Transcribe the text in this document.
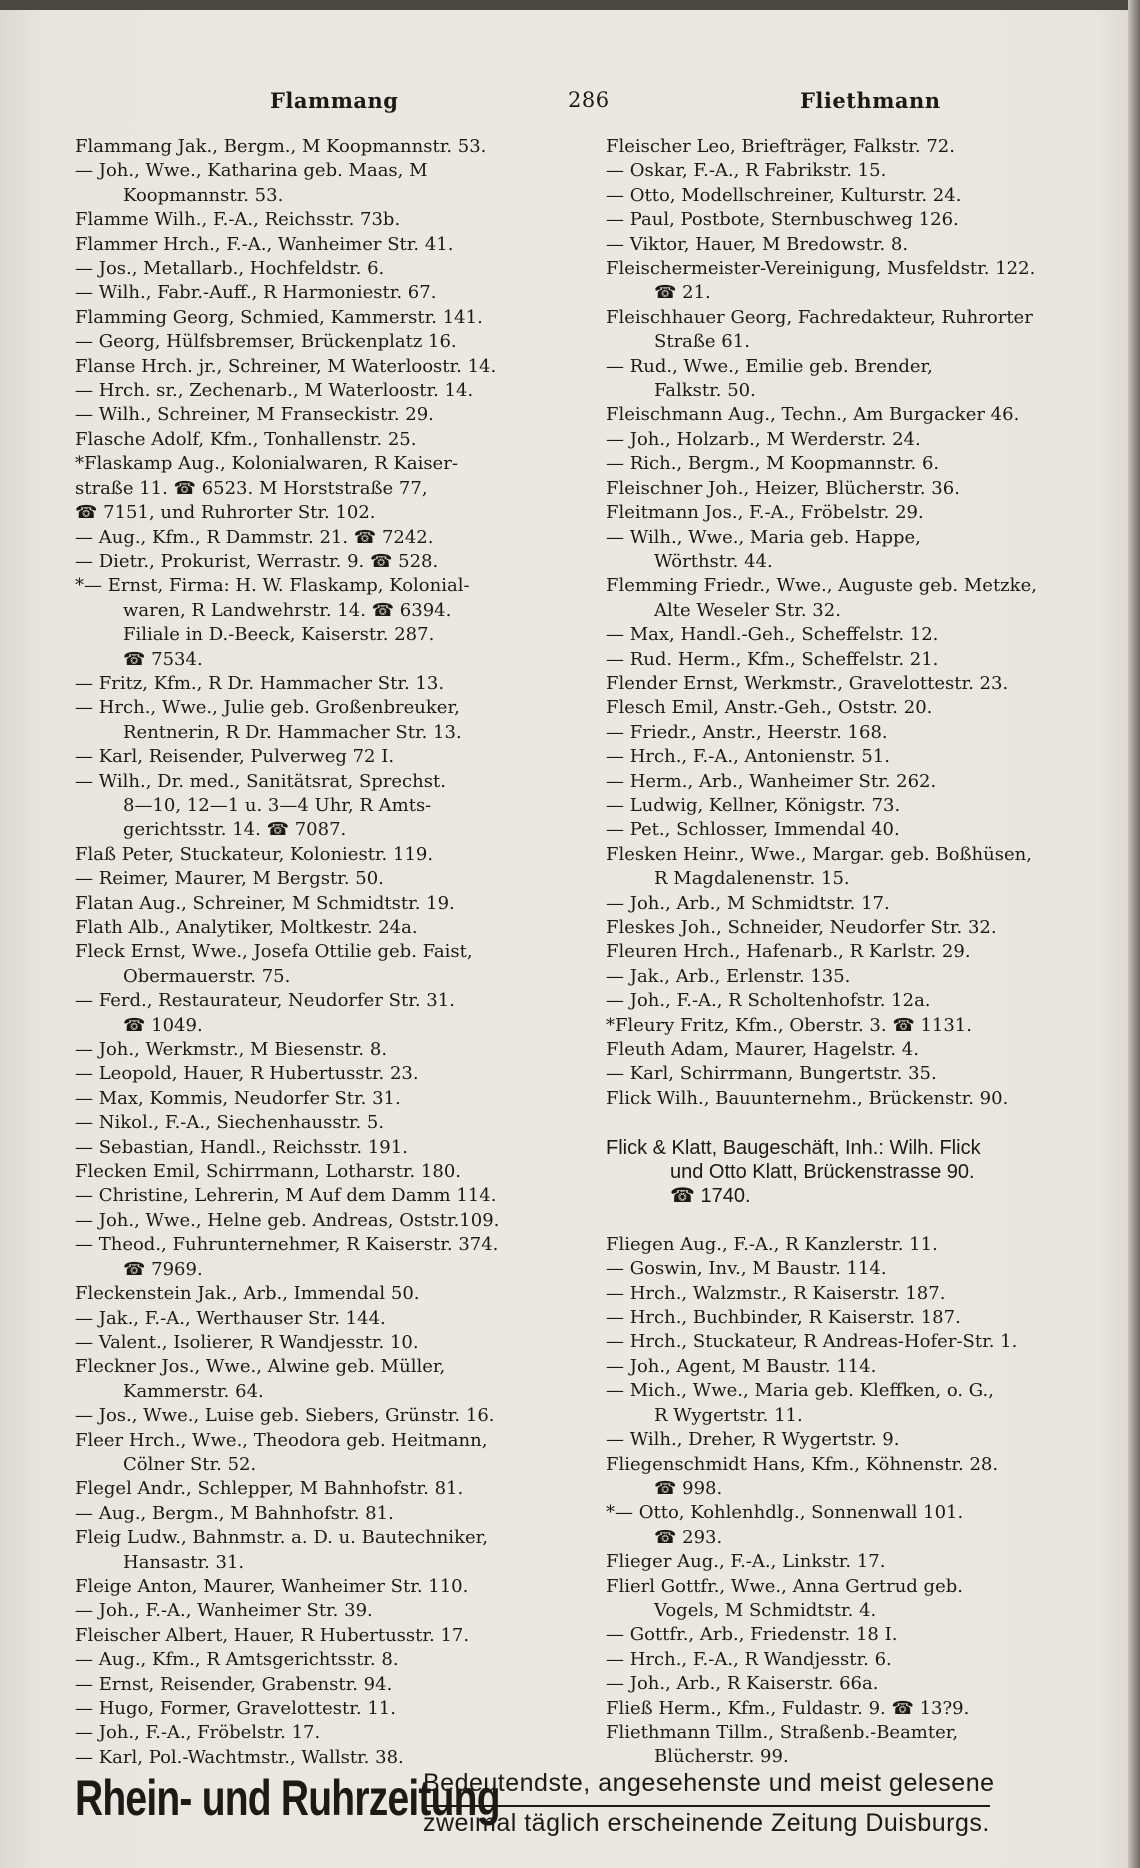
Flammang	286	Fliethmann
Flammang Jak., Bergm., M Koopmannstr. 53.
— Joh., Wwe., Katharina geb. Maas, M
Koopmannstr. 53.
Flamme Wilh., F.-A., Reichsstr. 73b.
Flammer Hrch., F.-A., Wanheimer Str. 41.
— Jos., Metallarb., Hochfeldstr. 6.
— Wilh., Fabr.-Auff., R Harmoniestr. 67.
Flamming Georg, Schmied, Kammerstr. 141.
— Georg, Hülfsbremser, Brückenplatz 16.
Flanse Hrch. jr., Schreiner, M Waterloostr. 14.
— Hrch. sr., Zechenarb., M Waterloostr. 14.
— Wilh., Schreiner, M Franseckistr. 29.
Flasche Adolf, Kfm., Tonhallenstr. 25.
*Flaskamp Aug., Kolonialwaren, R Kaiser-
straße 11. ☎ 6523. M Horststraße 77,
☎ 7151, und Ruhrorter Str. 102.
— Aug., Kfm., R Dammstr. 21. ☎ 7242.
— Dietr., Prokurist, Werrastr. 9. ☎ 528.
*— Ernst, Firma: H. W. Flaskamp, Kolonial-
waren, R Landwehrstr. 14. ☎ 6394.
Filiale in D.-Beeck, Kaiserstr. 287.
☎ 7534.
— Fritz, Kfm., R Dr. Hammacher Str. 13.
— Hrch., Wwe., Julie geb. Großenbreuker,
Rentnerin, R Dr. Hammacher Str. 13.
— Karl, Reisender, Pulverweg 72 I.
— Wilh., Dr. med., Sanitätsrat, Sprechst.
8—10, 12—1 u. 3—4 Uhr, R Amts-
gerichtsstr. 14. ☎ 7087.
Flaß Peter, Stuckateur, Koloniestr. 119.
— Reimer, Maurer, M Bergstr. 50.
Flatan Aug., Schreiner, M Schmidtstr. 19.
Flath Alb., Analytiker, Moltkestr. 24a.
Fleck Ernst, Wwe., Josefa Ottilie geb. Faist,
Obermauerstr. 75.
— Ferd., Restaurateur, Neudorfer Str. 31.
☎ 1049.
— Joh., Werkmstr., M Biesenstr. 8.
— Leopold, Hauer, R Hubertusstr. 23.
— Max, Kommis, Neudorfer Str. 31.
— Nikol., F.-A., Siechenhausstr. 5.
— Sebastian, Handl., Reichsstr. 191.
Flecken Emil, Schirrmann, Lotharstr. 180.
— Christine, Lehrerin, M Auf dem Damm 114.
— Joh., Wwe., Helne geb. Andreas, Oststr.109.
— Theod., Fuhrunternehmer, R Kaiserstr. 374.
☎ 7969.
Fleckenstein Jak., Arb., Immendal 50.
— Jak., F.-A., Werthauser Str. 144.
— Valent., Isolierer, R Wandjesstr. 10.
Fleckner Jos., Wwe., Alwine geb. Müller,
Kammerstr. 64.
— Jos., Wwe., Luise geb. Siebers, Grünstr. 16.
Fleer Hrch., Wwe., Theodora geb. Heitmann,
Cölner Str. 52.
Flegel Andr., Schlepper, M Bahnhofstr. 81.
— Aug., Bergm., M Bahnhofstr. 81.
Fleig Ludw., Bahnmstr. a. D. u. Bautechniker,
Hansastr. 31.
Fleige Anton, Maurer, Wanheimer Str. 110.
— Joh., F.-A., Wanheimer Str. 39.
Fleischer Albert, Hauer, R Hubertusstr. 17.
— Aug., Kfm., R Amtsgerichtsstr. 8.
— Ernst, Reisender, Grabenstr. 94.
— Hugo, Former, Gravelottestr. 11.
— Joh., F.-A., Fröbelstr. 17.
— Karl, Pol.-Wachtmstr., Wallstr. 38.
Fleischer Leo, Briefträger, Falkstr. 72.
— Oskar, F.-A., R Fabrikstr. 15.
— Otto, Modellschreiner, Kulturstr. 24.
— Paul, Postbote, Sternbuschweg 126.
— Viktor, Hauer, M Bredowstr. 8.
Fleischermeister-Vereinigung, Musfeldstr. 122.
☎ 21.
Fleischhauer Georg, Fachredakteur, Ruhrorter
Straße 61.
— Rud., Wwe., Emilie geb. Brender,
Falkstr. 50.
Fleischmann Aug., Techn., Am Burgacker 46.
— Joh., Holzarb., M Werderstr. 24.
— Rich., Bergm., M Koopmannstr. 6.
Fleischner Joh., Heizer, Blücherstr. 36.
Fleitmann Jos., F.-A., Fröbelstr. 29.
— Wilh., Wwe., Maria geb. Happe,
Wörthstr. 44.
Flemming Friedr., Wwe., Auguste geb. Metzke,
Alte Weseler Str. 32.
— Max, Handl.-Geh., Scheffelstr. 12.
— Rud. Herm., Kfm., Scheffelstr. 21.
Flender Ernst, Werkmstr., Gravelottestr. 23.
Flesch Emil, Anstr.-Geh., Oststr. 20.
— Friedr., Anstr., Heerstr. 168.
— Hrch., F.-A., Antonienstr. 51.
— Herm., Arb., Wanheimer Str. 262.
— Ludwig, Kellner, Königstr. 73.
— Pet., Schlosser, Immendal 40.
Flesken Heinr., Wwe., Margar. geb. Boßhüsen,
R Magdalenenstr. 15.
— Joh., Arb., M Schmidtstr. 17.
Fleskes Joh., Schneider, Neudorfer Str. 32.
Fleuren Hrch., Hafenarb., R Karlstr. 29.
— Jak., Arb., Erlenstr. 135.
— Joh., F.-A., R Scholtenhofstr. 12a.
*Fleury Fritz, Kfm., Oberstr. 3. ☎ 1131.
Fleuth Adam, Maurer, Hagelstr. 4.
— Karl, Schirrmann, Bungertstr. 35.
Flick Wilh., Bauunternehm., Brückenstr. 90.
Flick & Klatt, Baugeschäft, Inh.: Wilh. Flick
und Otto Klatt, Brückenstrasse 90.
☎ 1740.
Fliegen Aug., F.-A., R Kanzlerstr. 11.
— Goswin, Inv., M Baustr. 114.
— Hrch., Walzmstr., R Kaiserstr. 187.
— Hrch., Buchbinder, R Kaiserstr. 187.
— Hrch., Stuckateur, R Andreas-Hofer-Str. 1.
— Joh., Agent, M Baustr. 114.
— Mich., Wwe., Maria geb. Kleffken, o. G.,
R Wygertstr. 11.
— Wilh., Dreher, R Wygertstr. 9.
Fliegenschmidt Hans, Kfm., Köhnenstr. 28.
☎ 998.
*— Otto, Kohlenhdlg., Sonnenwall 101.
☎ 293.
Flieger Aug., F.-A., Linkstr. 17.
Flierl Gottfr., Wwe., Anna Gertrud geb.
Vogels, M Schmidtstr. 4.
— Gottfr., Arb., Friedenstr. 18 I.
— Hrch., F.-A., R Wandjesstr. 6.
— Joh., Arb., R Kaiserstr. 66a.
Fließ Herm., Kfm., Fuldastr. 9. ☎ 13?9.
Fliethmann Tillm., Straßenb.-Beamter,
Blücherstr. 99.
Rhein- und Ruhrzeitung
Bedeutendste, angesehenste und meist gelesene
zweimal täglich erscheinende Zeitung Duisburgs.
